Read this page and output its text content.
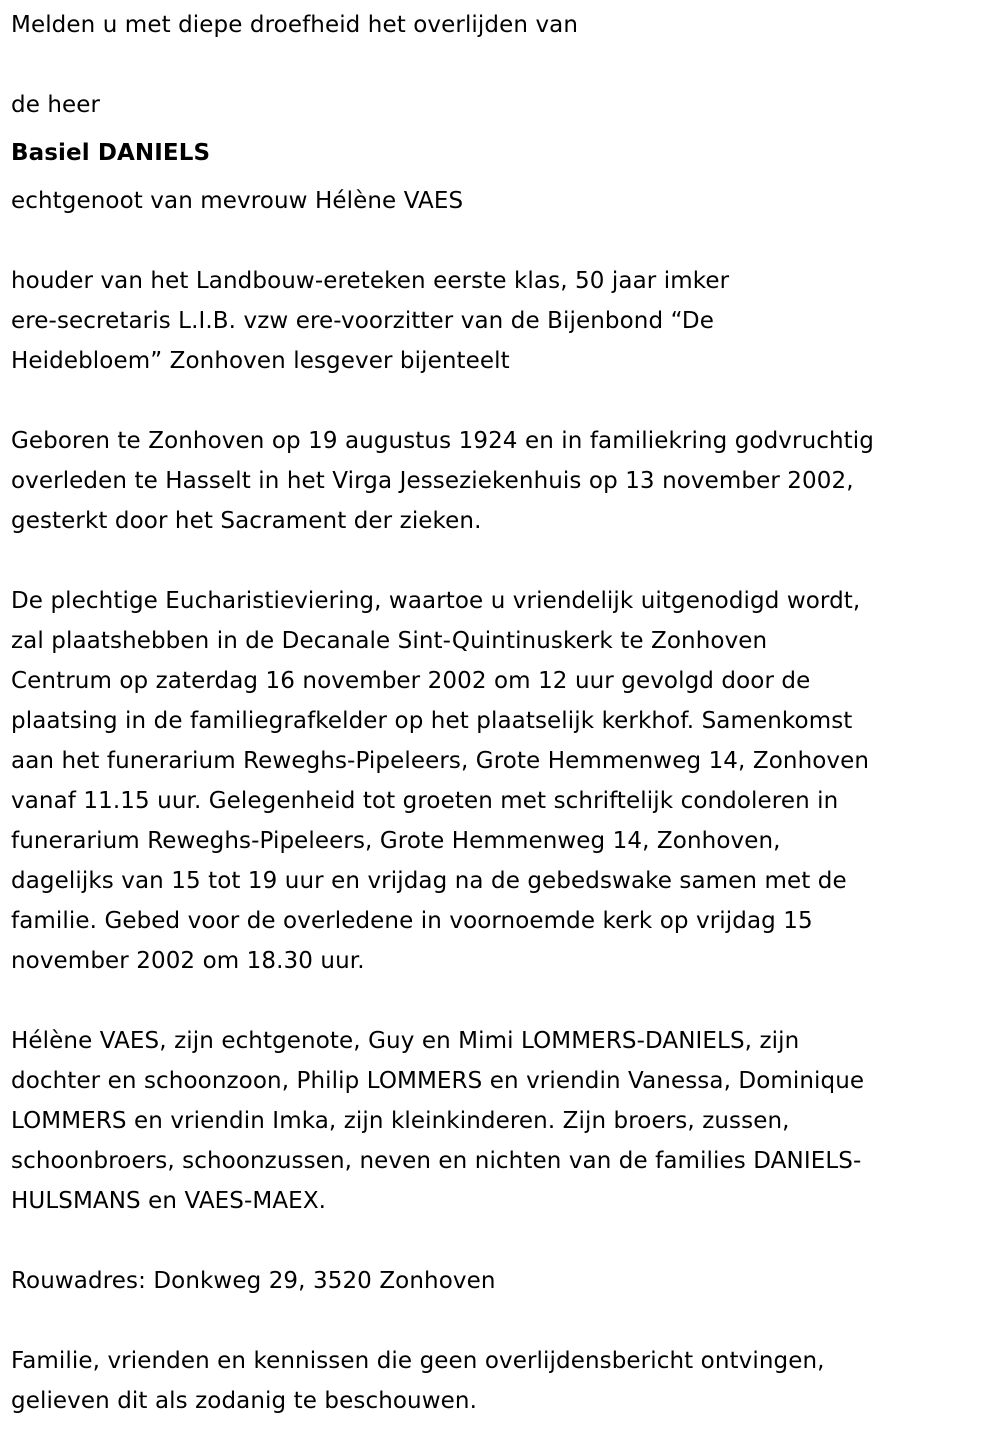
Melden u met diepe droefheid het overlijden van
de heer
Basiel DANIELS
echtgenoot van mevrouw Hélène VAES
houder van het Landbouw-ereteken eerste klas, 50 jaar imker
ere-secretaris L.I.B. vzw ere-voorzitter van de Bijenbond “De
Heidebloem” Zonhoven lesgever bijenteelt
Geboren te Zonhoven op 19 augustus 1924 en in familiekring godvruchtig
overleden te Hasselt in het Virga Jesseziekenhuis op 13 november 2002,
gesterkt door het Sacrament der zieken.
De plechtige Eucharistieviering, waartoe u vriendelijk uitgenodigd wordt,
zal plaatshebben in de Decanale Sint-Quintinuskerk te Zonhoven
Centrum op zaterdag 16 november 2002 om 12 uur gevolgd door de
plaatsing in de familiegrafkelder op het plaatselijk kerkhof. Samenkomst
aan het funerarium Reweghs-Pipeleers, Grote Hemmenweg 14, Zonhoven
vanaf 11.15 uur. Gelegenheid tot groeten met schriftelijk condoleren in
funerarium Reweghs-Pipeleers, Grote Hemmenweg 14, Zonhoven,
dagelijks van 15 tot 19 uur en vrijdag na de gebedswake samen met de
familie. Gebed voor de overledene in voornoemde kerk op vrijdag 15
november 2002 om 18.30 uur.
Hélène VAES, zijn echtgenote, Guy en Mimi LOMMERS-DANIELS, zijn
dochter en schoonzoon, Philip LOMMERS en vriendin Vanessa, Dominique
LOMMERS en vriendin Imka, zijn kleinkinderen. Zijn broers, zussen,
schoonbroers, schoonzussen, neven en nichten van de families DANIELS-
HULSMANS en VAES-MAEX.
Rouwadres: Donkweg 29, 3520 Zonhoven
Familie, vrienden en kennissen die geen overlijdensbericht ontvingen,
gelieven dit als zodanig te beschouwen.
